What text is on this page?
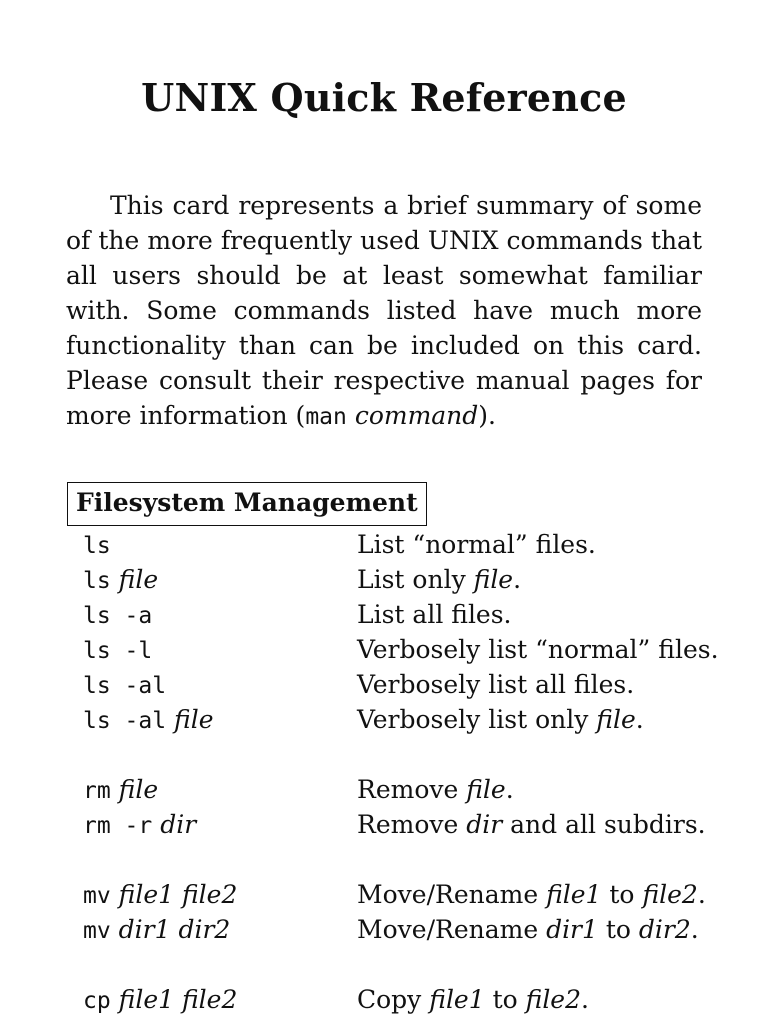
UNIX Quick Reference
This card represents a brief summary of some of the more frequently used UNIX commands that all users should be at least somewhat familiar with. Some commands listed have much more functionality than can be included on this card. Please consult their respective manual pages for more information (man command).
Filesystem Management
ls	List “normal” files.
ls file	List only file.
ls -a	List all files.
ls -l	Verbosely list “normal” files.
ls -al	Verbosely list all files.
ls -al file	Verbosely list only file.
rm file	Remove file.
rm -r dir	Remove dir and all subdirs.
mv file1 file2	Move/Rename file1 to file2.
mv dir1 dir2	Move/Rename dir1 to dir2.
cp file1 file2	Copy file1 to file2.
